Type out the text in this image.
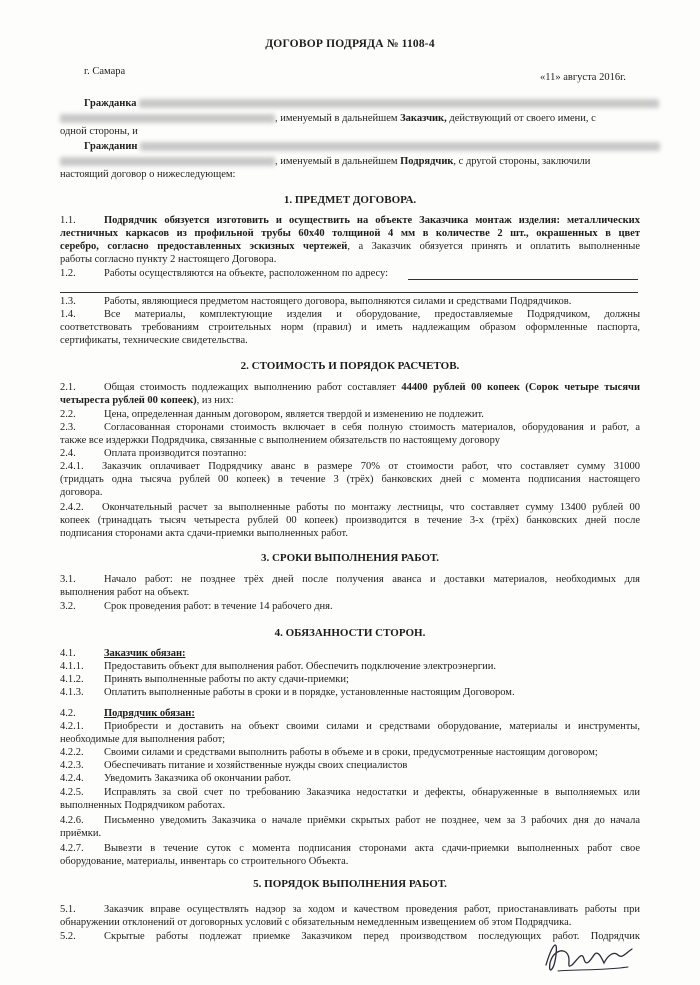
ДОГОВОР ПОДРЯДА № 1108-4
г. Самара
«11» августа 2016г.
Гражданка
, именуемый в дальнейшем Заказчик, действующий от своего имени, с
одной стороны, и
Гражданин
, именуемый в дальнейшем Подрядчик, с другой стороны, заключили
настоящий договор о нижеследующем:
1. ПРЕДМЕТ ДОГОВОРА.
1.1.	Подрядчик обязуется изготовить и осуществить на объекте Заказчика монтаж изделия: металлических
лестничных каркасов из профильной трубы 60x40 толщиной 4 мм в количестве 2 шт., окрашенных в цвет
серебро, согласно предоставленных эскизных чертежей, а Заказчик обязуется принять и оплатить выполненные
работы согласно пункту 2 настоящего Договора.
1.2.	Работы осуществляются на объекте, расположенном по адресу:
1.3.	Работы, являющиеся предметом настоящего договора, выполняются силами и средствами Подрядчиков.
1.4.	Все материалы, комплектующие изделия и оборудование, предоставляемые Подрядчиком, должны
соответствовать требованиям строительных норм (правил) и иметь надлежащим образом оформленные паспорта,
сертификаты, технические свидетельства.
2. СТОИМОСТЬ И ПОРЯДОК РАСЧЕТОВ.
2.1.	Общая стоимость подлежащих выполнению работ составляет 44400 рублей 00 копеек (Сорок четыре тысячи
четыреста рублей 00 копеек), из них:
2.2.	Цена, определенная данным договором, является твердой и изменению не подлежит.
2.3.	Согласованная сторонами стоимость включает в себя полную стоимость материалов, оборудования и работ, а
также все издержки Подрядчика, связанные с выполнением обязательств по настоящему договору
2.4.	Оплата производится поэтапно:
2.4.1. Заказчик оплачивает Подрядчику аванс в размере 70% от стоимости работ, что составляет сумму 31000
(тридцать одна тысяча рублей 00 копеек) в течение 3 (трёх) банковских дней с момента подписания настоящего
договора.
2.4.2. Окончательный расчет за выполненные работы по монтажу лестницы, что составляет сумму 13400 рублей 00
копеек (тринадцать тысяч четыреста рублей 00 копеек) производится в течение 3-х (трёх) банковских дней после
подписания сторонами акта сдачи-приемки выполненных работ.
3. СРОКИ ВЫПОЛНЕНИЯ РАБОТ.
3.1.	Начало работ: не позднее трёх дней после получения аванса и доставки материалов, необходимых для
выполнения работ на объект.
3.2.	Срок проведения работ: в течение 14 рабочего дня.
4. ОБЯЗАННОСТИ СТОРОН.
4.1.	Заказчик обязан:
4.1.1. Предоставить объект для выполнения работ. Обеспечить подключение электроэнергии.
4.1.2. Принять выполненные работы по акту сдачи-приемки;
4.1.3. Оплатить выполненные работы в сроки и в порядке, установленные настоящим Договором.
4.2.	Подрядчик обязан:
4.2.1. Приобрести и доставить на объект своими силами и средствами оборудование, материалы и инструменты,
необходимые для выполнения работ;
4.2.2. Своими силами и средствами выполнить работы в объеме и в сроки, предусмотренные настоящим договором;
4.2.3. Обеспечивать питание и хозяйственные нужды своих специалистов
4.2.4. Уведомить Заказчика об окончании работ.
4.2.5. Исправлять за свой счет по требованию Заказчика недостатки и дефекты, обнаруженные в выполняемых или
выполненных Подрядчиком работах.
4.2.6. Письменно уведомить Заказчика о начале приёмки скрытых работ не позднее, чем за 3 рабочих дня до начала
приёмки.
4.2.7. Вывезти в течение суток с момента подписания сторонами акта сдачи-приемки выполненных работ свое
оборудование, материалы, инвентарь со строительного Объекта.
5. ПОРЯДОК ВЫПОЛНЕНИЯ РАБОТ.
5.1.	Заказчик вправе осуществлять надзор за ходом и качеством проведения работ, приостанавливать работы при
обнаружении отклонений от договорных условий с обязательным немедленным извещением об этом Подрядчика.
5.2.	Скрытые работы подлежат приемке Заказчиком перед производством последующих работ. Подрядчик
